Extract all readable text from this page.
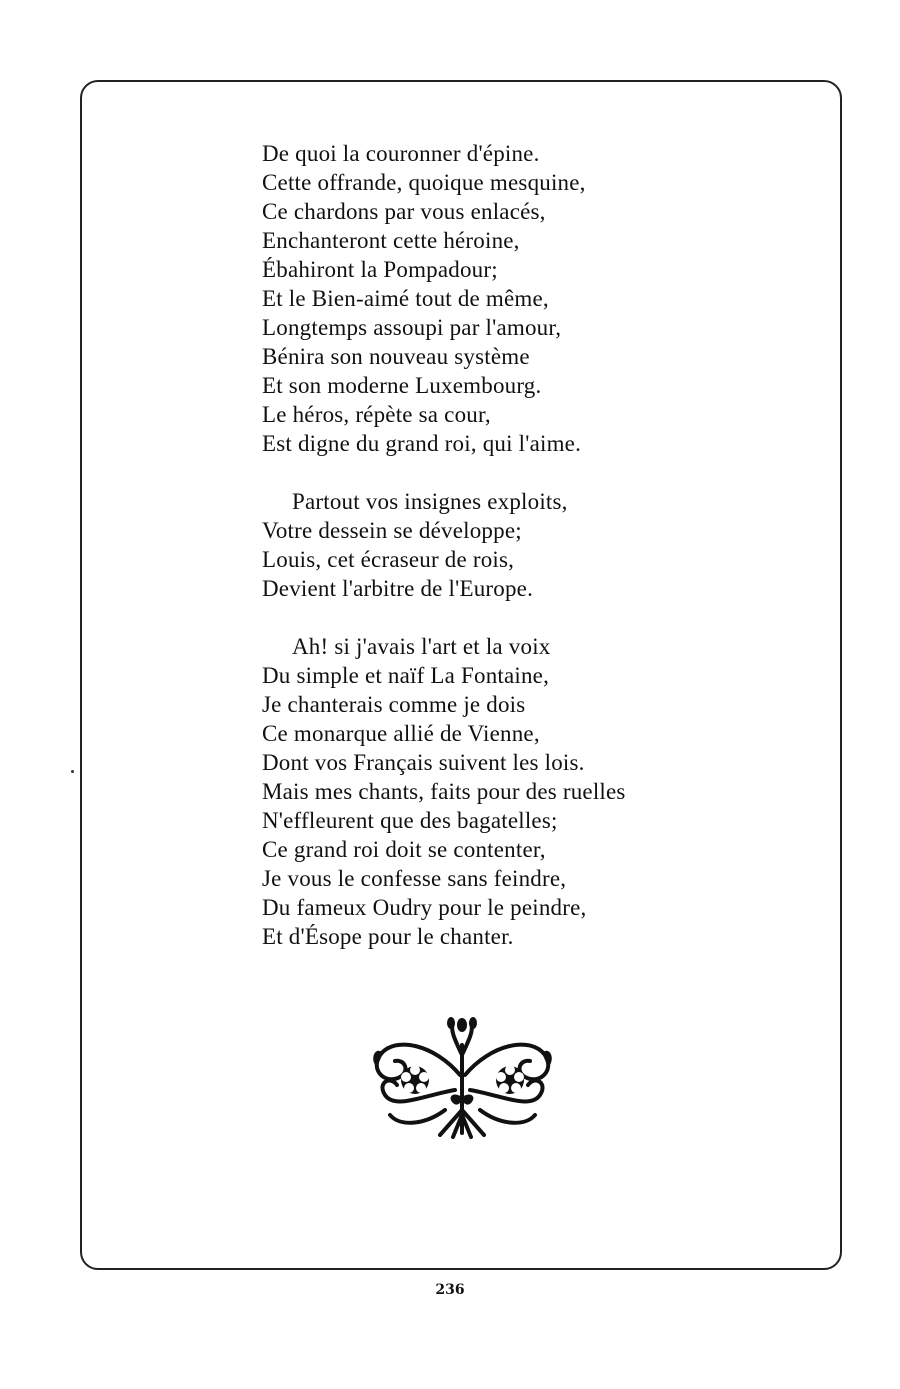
De quoi la couronner d'épine.
Cette offrande, quoique mesquine,
Ce chardons par vous enlacés,
Enchanteront cette héroine,
Ébahiront la Pompadour;
Et le Bien-aimé tout de même,
Longtemps assoupi par l'amour,
Bénira son nouveau système
Et son moderne Luxembourg.
Le héros, répète sa cour,
Est digne du grand roi, qui l'aime.
Partout vos insignes exploits,
Votre dessein se développe;
Louis, cet écraseur de rois,
Devient l'arbitre de l'Europe.
Ah! si j'avais l'art et la voix
Du simple et naïf La Fontaine,
Je chanterais comme je dois
Ce monarque allié de Vienne,
Dont vos Français suivent les lois.
Mais mes chants, faits pour des ruelles
N'effleurent que des bagatelles;
Ce grand roi doit se contenter,
Je vous le confesse sans feindre,
Du fameux Oudry pour le peindre,
Et d'Ésope pour le chanter.
236
